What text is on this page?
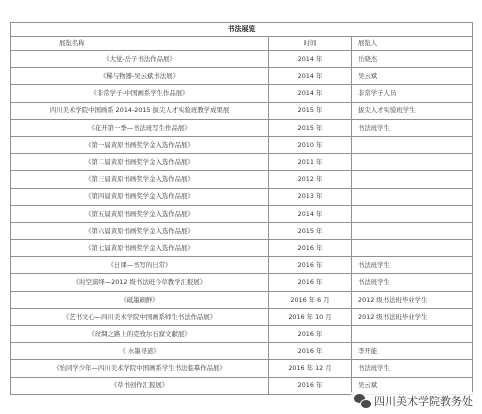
书法展览		
展览名称	时间	展览人
《大觉-岳子书法作品展》	2014 年	岳晓杰
《稀与物器-吴云斌书法展》	2014 年	吴云斌
《非常学子-中国画系学生作品展》	2014 年	非常学子人员
四川美术学院中国画系 2014-2015 拔尖人才实验班教学成果展	2015 年	拔尖人才实验班学生
《花开第一季—书法班写生作品展》	2015 年	书法班学生
《第一届黄原书画奖学金入选作品展》	2010 年	
《第二届黄原书画奖学金入选作品展》	2011 年	
《第三届黄原书画奖学金入选作品展》	2012 年	
《第四届黄原书画奖学金入选作品展》	2013 年	
《第五届黄原书画奖学金入选作品展》	2014 年	
《第六届黄原书画奖学金入选作品展》	2015 年	
《第七届黄原书画奖学金入选作品展》	2016 年	
《日课—书写的日常》	2016 年	书法班学生
《时空演绎—2012 级书法班今草教学汇报展》	2016 年	书法班学生
《砥墨刷鲜》	2016 年 6 月	2012 级书法班毕业学生
《艺书文心—四川美术学院中国画系师生书法作品展》	2016 年 10 月	2012 级书法班毕业学生
《丝绸之路上的克孜尔石窟文献展》	2016 年	
《 水墨寻道》	2016 年	李开能
《怡同学少年—四川美术学院中国画系学生书法临摹作品展》	2016 年 12 月	书法班学生
《草书创作汇报展》	2016 年	吴云斌
四川美术学院教务处
